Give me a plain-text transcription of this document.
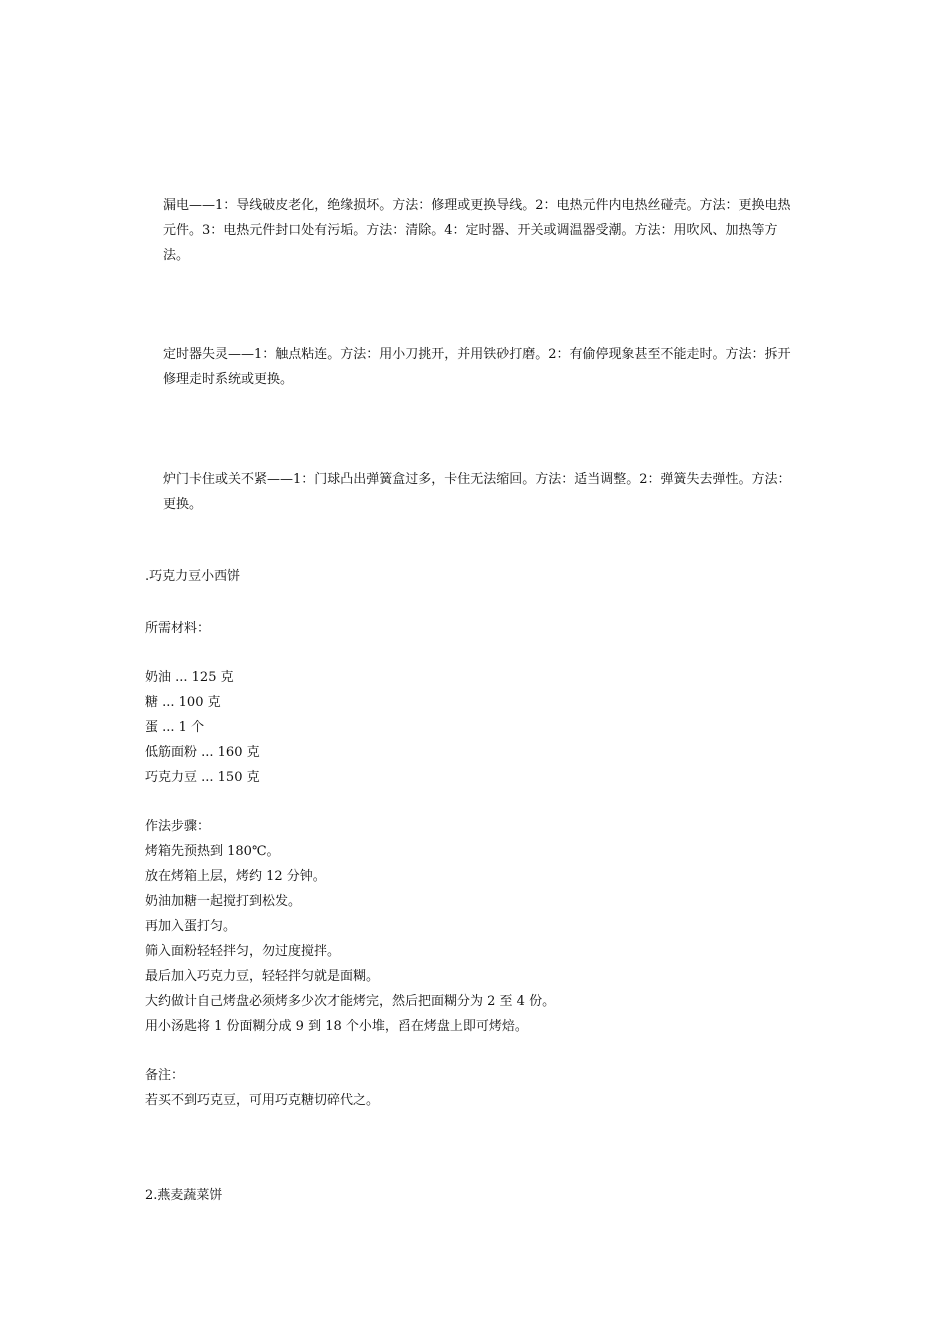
漏电——1：导线破皮老化，绝缘损坏。方法：修理或更换导线。2：电热元件内电热丝碰壳。方法：更换电热元件。3：电热元件封口处有污垢。方法：清除。4：定时器、开关或调温器受潮。方法：用吹风、加热等方法。

定时器失灵——1：触点粘连。方法：用小刀挑开，并用铁砂打磨。2：有偷停现象甚至不能走时。方法：拆开修理走时系统或更换。

炉门卡住或关不紧——1：门球凸出弹簧盒过多，卡住无法缩回。方法：适当调整。2：弹簧失去弹性。方法：更换。

.巧克力豆小西饼

所需材料：

奶油 ... 125 克
糖 ... 100 克
蛋 ... 1 个
低筋面粉 ... 160 克
巧克力豆 ... 150 克

作法步骤：

烤箱先预热到 180℃。
放在烤箱上层，烤约 12 分钟。
奶油加糖一起搅打到松发。
再加入蛋打匀。
筛入面粉轻轻拌匀，勿过度搅拌。
最后加入巧克力豆，轻轻拌匀就是面糊。
大约做计自己烤盘必须烤多少次才能烤完，然后把面糊分为 2 至 4 份。
用小汤匙将 1 份面糊分成 9 到 18 个小堆，舀在烤盘上即可烤焙。

备注：

若买不到巧克豆，可用巧克糖切碎代之。

2.燕麦蔬菜饼
